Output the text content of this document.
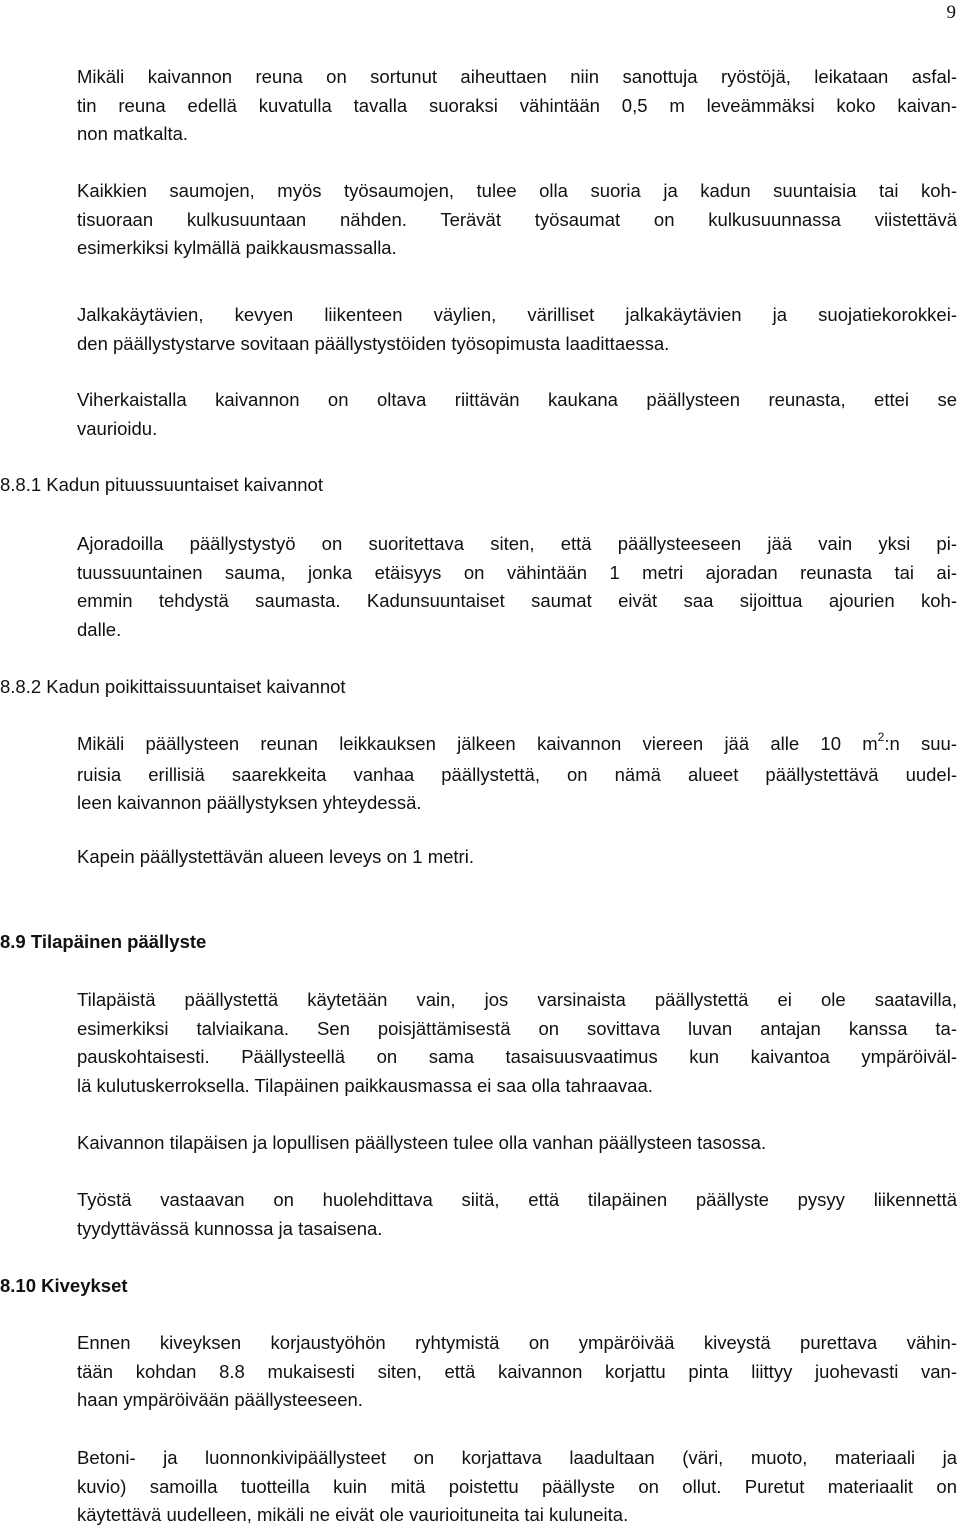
9
Mikäli kaivannon reuna on sortunut aiheuttaen niin sanottuja ryöstöjä, leikataan asfal-
tin reuna edellä kuvatulla tavalla suoraksi vähintään 0,5 m leveämmäksi koko kaivan-
non matkalta.
Kaikkien saumojen, myös työsaumojen, tulee olla suoria ja kadun suuntaisia tai koh-
tisuoraan kulkusuuntaan nähden. Terävät työsaumat on kulkusuunnassa viistettävä
esimerkiksi kylmällä paikkausmassalla.
Jalkakäytävien, kevyen liikenteen väylien, värilliset jalkakäytävien ja suojatiekorokkei-
den päällystystarve sovitaan päällystystöiden työsopimusta laadittaessa.
Viherkaistalla kaivannon on oltava riittävän kaukana päällysteen reunasta, ettei se
vaurioidu.
8.8.1 Kadun pituussuuntaiset kaivannot
Ajoradoilla päällystystyö on suoritettava siten, että päällysteeseen jää vain yksi pi-
tuussuuntainen sauma, jonka etäisyys on vähintään 1 metri ajoradan reunasta tai ai-
emmin tehdystä saumasta. Kadunsuuntaiset saumat eivät saa sijoittua ajourien koh-
dalle.
8.8.2 Kadun poikittaissuuntaiset kaivannot
Mikäli päällysteen reunan leikkauksen jälkeen kaivannon viereen jää alle 10 $m^2:n$ suu-
ruisia erillisiä saarekkeita vanhaa päällystettä, on nämä alueet päällystettävä uudel-
leen kaivannon päällystyksen yhteydessä.
Kapein päällystettävän alueen leveys on 1 metri.
8.9 Tilapäinen päällyste
Tilapäistä päällystettä käytetään vain, jos varsinaista päällystettä ei ole saatavilla,
esimerkiksi talviaikana. Sen poisjättämisestä on sovittava luvan antajan kanssa ta-
pauskohtaisesti. Päällysteellä on sama tasaisuusvaatimus kun kaivantoa ympäröiväl-
lä kulutuskerroksella. Tilapäinen paikkausmassa ei saa olla tahraavaa.
Kaivannon tilapäisen ja lopullisen päällysteen tulee olla vanhan päällysteen tasossa.
Työstä vastaavan on huolehdittava siitä, että tilapäinen päällyste pysyy liikennettä
tyydyttävässä kunnossa ja tasaisena.
8.10 Kiveykset
Ennen kiveyksen korjaustyöhön ryhtymistä on ympäröivää kiveystä purettava vähin-
tään kohdan 8.8 mukaisesti siten, että kaivannon korjattu pinta liittyy juohevasti van-
haan ympäröivään päällysteeseen.
Betoni- ja luonnonkivipäällysteet on korjattava laadultaan (väri, muoto, materiaali ja
kuvio) samoilla tuotteilla kuin mitä poistettu päällyste on ollut. Puretut materiaalit on
käytettävä uudelleen, mikäli ne eivät ole vaurioituneita tai kuluneita.
